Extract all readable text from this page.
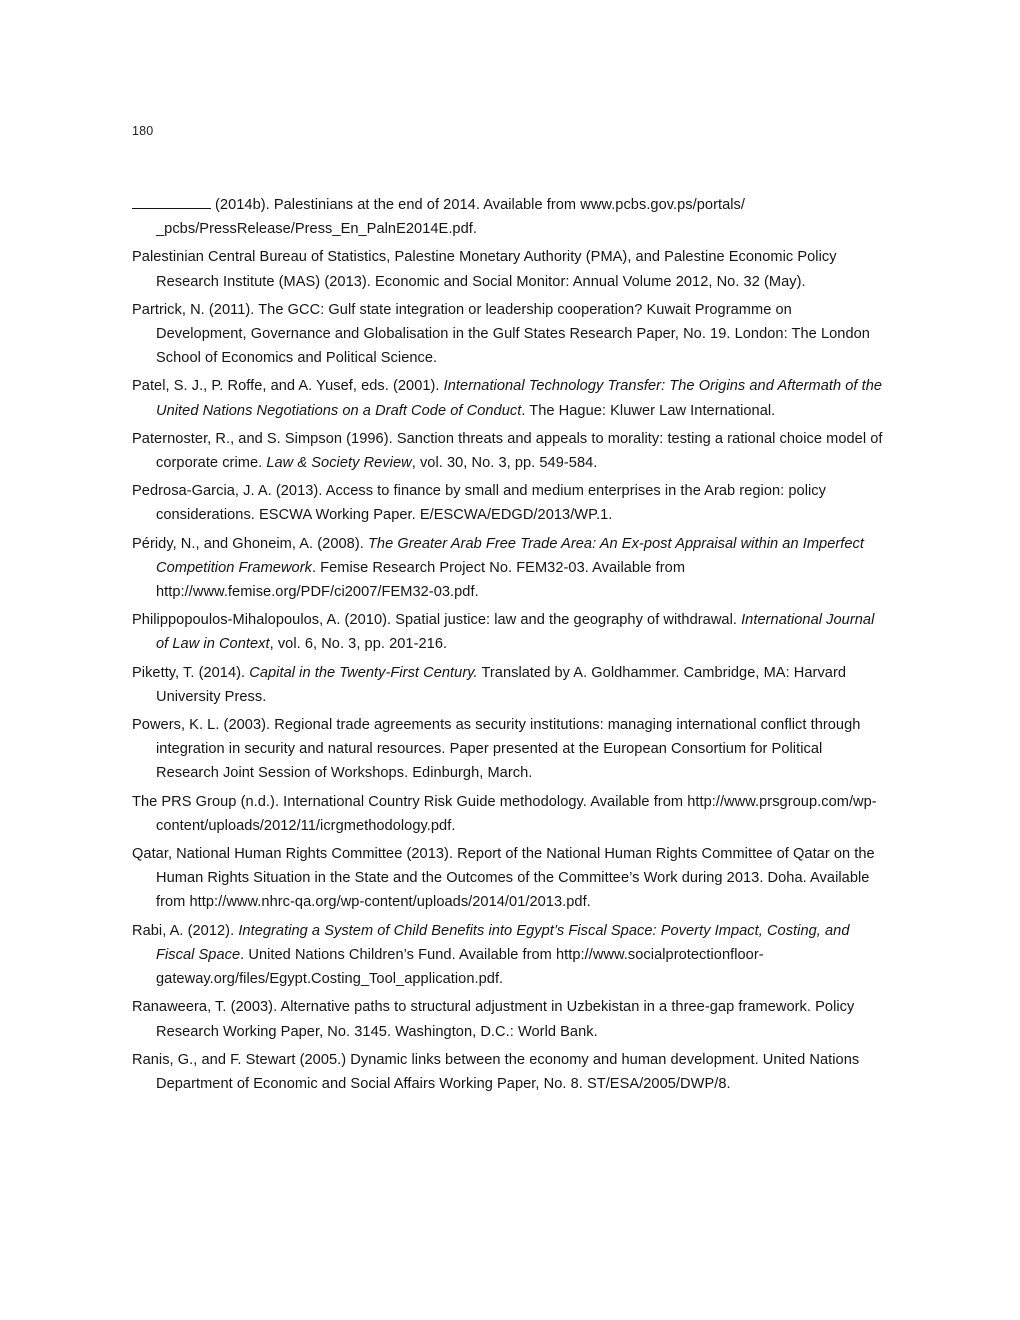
180

(2014b). Palestinians at the end of 2014. Available from www.pcbs.gov.ps/portals/ _pcbs/PressRelease/Press_En_PalnE2014E.pdf.

Palestinian Central Bureau of Statistics, Palestine Monetary Authority (PMA), and Palestine Economic Policy Research Institute (MAS) (2013). Economic and Social Monitor: Annual Volume 2012, No. 32 (May).

Partrick, N. (2011). The GCC: Gulf state integration or leadership cooperation? Kuwait Programme on Development, Governance and Globalisation in the Gulf States Research Paper, No. 19. London: The London School of Economics and Political Science.

Patel, S. J., P. Roffe, and A. Yusef, eds. (2001). International Technology Transfer: The Origins and Aftermath of the United Nations Negotiations on a Draft Code of Conduct. The Hague: Kluwer Law International.

Paternoster, R., and S. Simpson (1996). Sanction threats and appeals to morality: testing a rational choice model of corporate crime. Law & Society Review, vol. 30, No. 3, pp. 549-584.

Pedrosa-Garcia, J. A. (2013). Access to finance by small and medium enterprises in the Arab region: policy considerations. ESCWA Working Paper. E/ESCWA/EDGD/2013/WP.1.

Péridy, N., and Ghoneim, A. (2008). The Greater Arab Free Trade Area: An Ex-post Appraisal within an Imperfect Competition Framework. Femise Research Project No. FEM32-03. Available from http://www.femise.org/PDF/ci2007/FEM32-03.pdf.

Philippopoulos-Mihalopoulos, A. (2010). Spatial justice: law and the geography of withdrawal. International Journal of Law in Context, vol. 6, No. 3, pp. 201-216.

Piketty, T. (2014). Capital in the Twenty-First Century. Translated by A. Goldhammer. Cambridge, MA: Harvard University Press.

Powers, K. L. (2003). Regional trade agreements as security institutions: managing international conflict through integration in security and natural resources. Paper presented at the European Consortium for Political Research Joint Session of Workshops. Edinburgh, March.

The PRS Group (n.d.). International Country Risk Guide methodology. Available from http://www.prsgroup.com/wp-content/uploads/2012/11/icrgmethodology.pdf.

Qatar, National Human Rights Committee (2013). Report of the National Human Rights Committee of Qatar on the Human Rights Situation in the State and the Outcomes of the Committee’s Work during 2013. Doha. Available from http://www.nhrc-qa.org/wp-content/uploads/2014/01/2013.pdf.

Rabi, A. (2012). Integrating a System of Child Benefits into Egypt’s Fiscal Space: Poverty Impact, Costing, and Fiscal Space. United Nations Children’s Fund. Available from http://www.socialprotectionfloor-gateway.org/files/Egypt.Costing_Tool_application.pdf.

Ranaweera, T. (2003). Alternative paths to structural adjustment in Uzbekistan in a three-gap framework. Policy Research Working Paper, No. 3145. Washington, D.C.: World Bank.

Ranis, G., and F. Stewart (2005.) Dynamic links between the economy and human development. United Nations Department of Economic and Social Affairs Working Paper, No. 8. ST/ESA/2005/DWP/8.
